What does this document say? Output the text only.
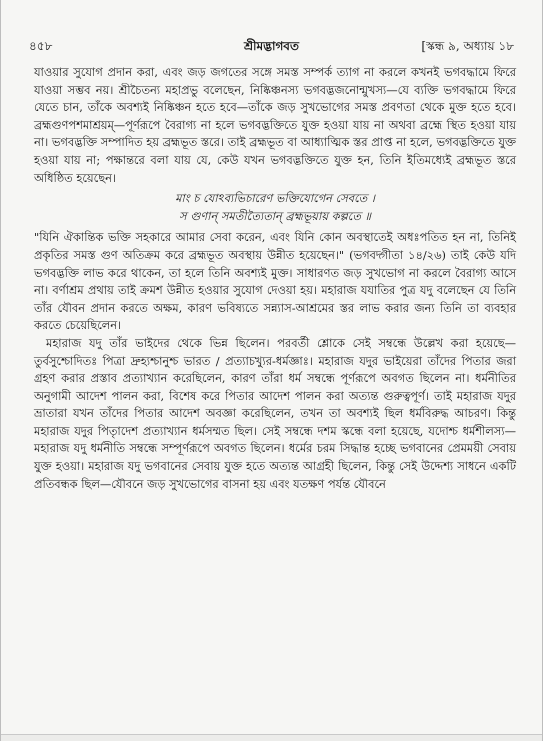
৪৫৮	শ্রীমদ্ভাগবত	[স্কন্ধ ৯, অধ্যায় ১৮

যাওয়ার সুযোগ প্রদান করা, এবং জড় জগতের সঙ্গে সমস্ত সম্পর্ক ত্যাগ না করলে কখনই ভগবদ্ধামে ফিরে যাওয়া সম্ভব নয়। শ্রীচৈতন্য মহাপ্রভু বলেছেন, নিষ্কিঞ্চনস্য ভগবদ্ভজনোন্মুখস্য—যে ব্যক্তি ভগবদ্ধামে ফিরে যেতে চান, তাঁকে অবশ্যই নিষ্কিঞ্চন হতে হবে—তাঁকে জড় সুখভোগের সমস্ত প্রবণতা থেকে মুক্ত হতে হবে। ব্রহ্মগুণপশমাশ্রয়ম্—পূর্ণরূপে বৈরাগ্য না হলে ভগবদ্ভক্তিতে যুক্ত হওয়া যায় না অথবা ব্রহ্মে স্থিত হওয়া যায় না। ভগবদ্ভক্তি সম্পাদিত হয় ব্রহ্মভূত স্তরে। তাই ব্রহ্মভূত বা আধ্যাত্মিক স্তর প্রাপ্ত না হলে, ভগবদ্ভক্তিতে যুক্ত হওয়া যায় না; পক্ষান্তরে বলা যায় যে, কেউ যখন ভগবদ্ভক্তিতে যুক্ত হন, তিনি ইতিমধ্যেই ব্রহ্মভূত স্তরে অধিষ্ঠিত হয়েছেন।

মাং চ যোঽব্যভিচারেণ ভক্তিযোগেন সেবতে ।
স গুণান্ সমতীত্যৈতান্ ব্রহ্মভূয়ায় কল্পতে ॥

"যিনি ঐকান্তিক ভক্তি সহকারে আমার সেবা করেন, এবং যিনি কোন অবস্থাতেই অধঃপতিত হন না, তিনিই প্রকৃতির সমস্ত গুণ অতিক্রম করে ব্রহ্মভূত অবস্থায় উন্নীত হয়েছেন।" (ভগবদ্গীতা ১৪/২৬) তাই কেউ যদি ভগবদ্ভক্তি লাভ করে থাকেন, তা হলে তিনি অবশ্যই মুক্ত। সাধারণত জড় সুখভোগ না করলে বৈরাগ্য আসে না। বর্ণাশ্রম প্রথায় তাই ক্রমশ উন্নীত হওয়ার সুযোগ দেওয়া হয়। মহারাজ যযাতির পুত্র যদু বলেছেন যে তিনি তাঁর যৌবন প্রদান করতে অক্ষম, কারণ ভবিষ্যতে সন্ন্যাস-আশ্রমের স্তর লাভ করার জন্য তিনি তা ব্যবহার করতে চেয়েছিলেন।

মহারাজ যদু তাঁর ভাইদের থেকে ভিন্ন ছিলেন। পরবর্তী শ্লোকে সেই সম্বন্ধে উল্লেখ করা হয়েছে—তুর্বসুশ্চোদিতঃ পিত্রা দ্রুহ্যশ্চানুশ্চ ভারত / প্রত্যাচখ্যুর-ধর্মজ্ঞাঃ। মহারাজ যদুর ভাইয়েরা তাঁদের পিতার জরা গ্রহণ করার প্রস্তাব প্রত্যাখ্যান করেছিলেন, কারণ তাঁরা ধর্ম সম্বন্ধে পূর্ণরূপে অবগত ছিলেন না। ধর্মনীতির অনুগামী আদেশ পালন করা, বিশেষ করে পিতার আদেশ পালন করা অত্যন্ত গুরুত্বপূর্ণ। তাই মহারাজ যদুর ভ্রাতারা যখন তাঁদের পিতার আদেশ অবজ্ঞা করেছিলেন, তখন তা অবশ্যই ছিল ধর্মবিরুদ্ধ আচরণ। কিন্তু মহারাজ যদুর পিতৃাদেশ প্রত্যাখ্যান ধর্মসম্মত ছিল। সেই সম্বন্ধে দশম স্কন্ধে বলা হয়েছে, যদোশ্চ ধর্মশীলস্য—মহারাজ যদু ধর্মনীতি সম্বন্ধে সম্পূর্ণরূপে অবগত ছিলেন। ধর্মের চরম সিদ্ধান্ত হচ্ছে ভগবানের প্রেমময়ী সেবায় যুক্ত হওয়া। মহারাজ যদু ভগবানের সেবায় যুক্ত হতে অত্যন্ত আগ্রহী ছিলেন, কিন্তু সেই উদ্দেশ্য সাধনে একটি প্রতিবন্ধক ছিল—যৌবনে জড় সুখভোগের বাসনা হয় এবং যতক্ষণ পর্যন্ত যৌবনে
